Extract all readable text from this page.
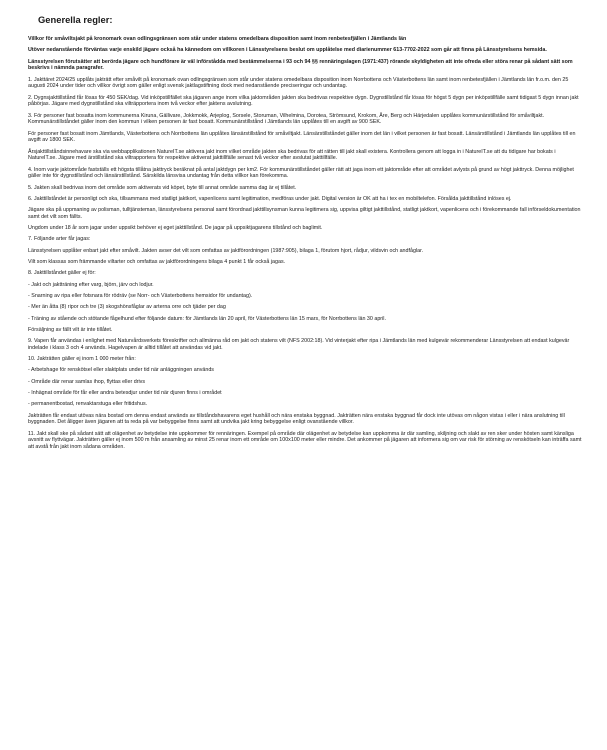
Generella regler:

Villkor för småviltsjakt på kronomark ovan odlingsgränsen som står under statens omedelbara disposition samt inom renbetesfjällen i Jämtlands län

Utöver nedanstående förväntas varje enskild jägare också ha kännedom om villkoren i Länsstyrelsens beslut om upplåtelse med diarienummer 613-7702-2022 som går att finna på Länsstyrelsens hemsida.

Länsstyrelsen förutsätter att berörda jägare och hundförare är väl införstådda med bestämmelserna i 93 och 94 §§ rennäringslagen (1971:437) rörande skyldigheten att inte ofreda eller störa renar på sådant sätt som beskrivs i nämnda paragrafer.

1. Jakttäret 2024/25 upplåts jakträtt efter småvilt på kronomark ovan odlingsgränsen som står under statens omedelbara disposition inom Norrbottens och Västerbottens län samt inom renbetesfjällen i Jämtlands län fr.o.m. den 25 augusti 2024 under tider och villkor övrigt som gäller enligt svensk jaktlagstiftning dock med nedanstående preciseringar och undantag.

2. Dygnsjakttillstånd får lösas för 450 SEK/dag. Vid inköpstillfället ska jägaren ange inom vilka jaktområden jakten ska bedrivas respektive dygn. Dygnstillstånd får lösas för högst 5 dygn per inköpstillfälle samt tidigast 5 dygn innan jakt påbörjas. Jägare med dygnstillstånd ska vilträpportera inom två veckor efter jaktens avslutning.

3. För personer fast bosatta inom kommunerna Kiruna, Gällivare, Jokkmokk, Arjeplog, Sorsele, Storuman, Vilhelmina, Dorotea, Strömsund, Krokom, Åre, Berg och Härjedalen upplåtes kommunärstillstånd för småviltjakt. Kommunärstillståndet gäller inom den kommun i vilken personen är fast bosatt. Kommunärstillstånd i Jämtlands län upplåtes till en avgift av 900 SEK.

För personer fast bosatt inom Jämtlands, Västerbottens och Norrbottens län upplåtes länsärstillstånd för småviltjakt. Länsärstillståndet gäller inom det län i vilket personen är fast bosatt. Länsärstillstånd i Jämtlands län upplåtes till en avgift av 1800 SEK.

Årsjakttillståndsinnehavare ska via webbapplikationen NatureIT.se aktivera jakt inom vilket område jakten ska bedrivas för att rätten till jakt skall existera. Kontrollera genom att logga in i NatureIT.se att du tidigare har bokats i NatureIT.se. Jägare med ärstillstånd ska viltrapportera för respektive aktiverat jakttillfälle senast två veckor efter avslutat jakttillfälle.

4. Inom varje jaktområde fastställs ett högsta tillåtna jakttryck beräknat på antal jaktdygn per km2. För kommunärstillståndet gäller rätt att jaga inom ett jaktområde efter att området avlysts på grund av högt jakttryck. Denna möjlighet gäller inte för dygnstillstånd och länsärstillstånd. Särskilda länsvisa undantag från detta villkor kan förekomma.

5. Jakten skall bedrivas inom det område som aktiverats vid köpet, byte till annat område samma dag är ej tillåtet.

6. Jakttillståndet är personligt och ska, tillsammans med statligt jaktkort, vapenlicens samt legitimation, medföras under jakt. Digital version är OK att ha i tex en mobiltelefon. Försålda jakttillstånd inlöses ej.

Jägare ska på uppmaning av polisman, tulltjänsteman, länsstyrelsens personal samt förordnad jakttillsynsman kunna legitimera sig, uppvisa giltigt jakttillstånd, statligt jaktkort, vapenlicens och i förekommande fall införseldokumentation samt det vilt som fällts.

Ungdom under 18 år som jagar under uppsikt behöver ej eget jakttillstånd. De jagar på uppsiktjagarens tillstånd och baglimit.

7. Följande arter får jagas:

Länsstyrelsen upplåter enbart jakt efter småvilt. Jakten avser det vilt som omfattas av jaktförordningen (1987:905), bilaga 1, förutom hjort, rådjur, vildsvin och andfåglar.

Vilt som klassas som främmande viltarter och omfattas av jaktförordningens bilaga 4 punkt 1 får också jagas.

8. Jakttillståndet gäller ej för:

- Jakt och jaktträning efter varg, björn, järv och lodjur.

- Snarning av ripa eller fotsnara för rödräv (se Norr- och Västerbottens hemsidor för undantag).

- Mer än åtta (8) ripor och tre (3) skogshönsfåglar av arterna orre och tjäder per dag

- Träning av stående och stötande fågelhund efter följande datum: för Jämtlands län 20 april, för Västerbottens län 15 mars, för Norrbottens län 30 april.

Försäljning av fällt vilt är inte tillåtet.

9. Vapen får användas i enlighet med Naturvårdsverkets föreskrifter och allmänna råd om jakt och statens vilt (NFS 2002:18). Vid vinterjakt efter ripa i Jämtlands län med kulgevär rekommenderar Länsstyrelsen att endast kulgevär indelade i klass 3 och 4 används. Hagelvapen är alltid tillåtet att användas vid jakt.

10. Jakträtten gäller ej inom 1 000 meter från:

- Arbetshage för renskötsel eller slaktplats under tid när anläggningen används

- Område där renar samlas ihop, flyttas eller drivs

- Inhägnat område för får eller andra betesdjur under tid när djuren finns i området

- permanentbostad, renvaktarstuga eller fritidshus.

Jakträtten får endast utövas nära bostad om denna endast används av tillståndshavarens eget hushåll och nära enstaka byggnad. Jakträtten nära enstaka byggnad får dock inte utövas om någon vistas i eller i nära anslutning till byggnaden. Det åligger även jägaren att ta reda på var bebyggelse finns samt att undvika jakt kring bebyggelse enligt ovanstående villkor.

11. Jakt skall ske på sådant sätt att olägenhet av betydelse inte uppkommer för rennäringen. Exempel på område där olägenhet av betydelse kan uppkomma är där samling, skiljning och slakt av ren sker under hösten samt känsliga avsnitt av flyttvägar. Jakträtten gäller ej inom 500 m från ansamling av minst 25 renar inom ett område om 100x100 meter eller mindre. Det ankommer på jägaren att informera sig om var risk för störning av renskötseln kan inträffa samt att avstå från jakt inom sådana områden.
